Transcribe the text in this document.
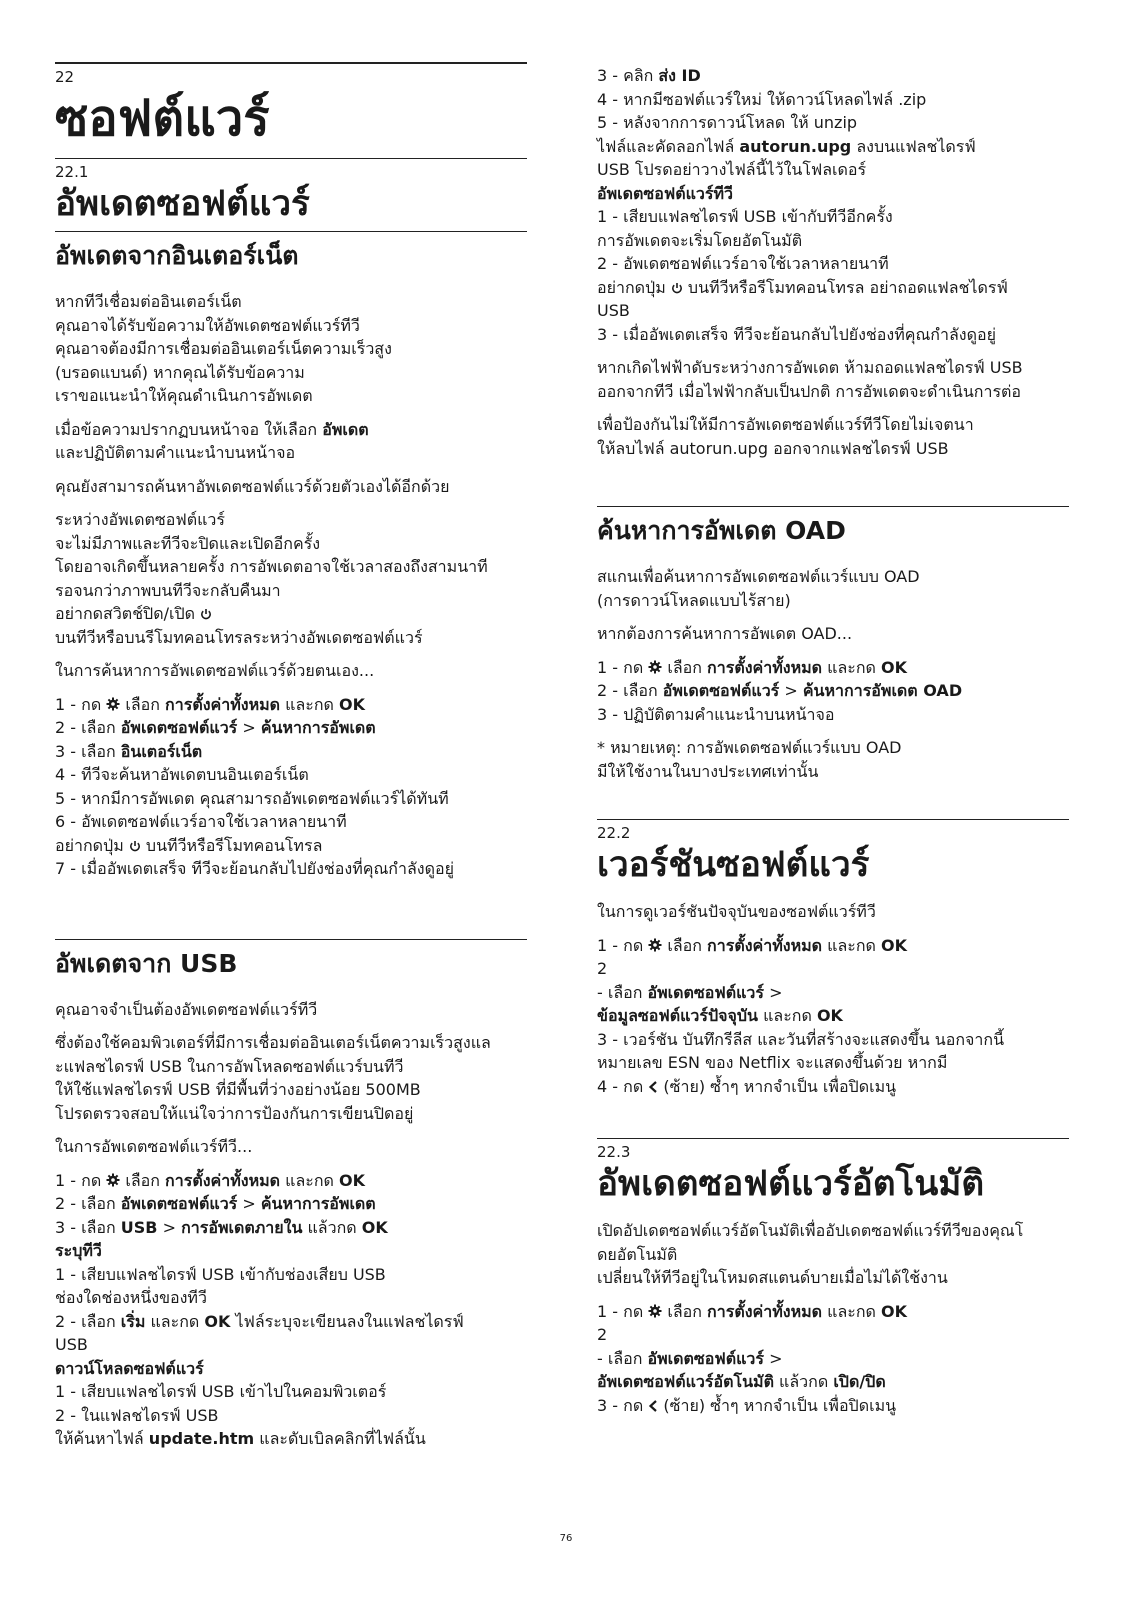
22
ซอฟต์แวร์
22.1
อัพเดตซอฟต์แวร์
อัพเดตจากอินเตอร์เน็ต
หากทีวีเชื่อมต่ออินเตอร์เน็ต
คุณอาจได้รับข้อความให้อัพเดตซอฟต์แวร์ทีวี
คุณอาจต้องมีการเชื่อมต่ออินเตอร์เน็ตความเร็วสูง
(บรอดแบนด์) หากคุณได้รับข้อความ
เราขอแนะนำให้คุณดำเนินการอัพเดต
เมื่อข้อความปรากฏบนหน้าจอ ให้เลือก อัพเดต
และปฏิบัติตามคำแนะนำบนหน้าจอ
คุณยังสามารถค้นหาอัพเดตซอฟต์แวร์ด้วยตัวเองได้อีกด้วย
ระหว่างอัพเดตซอฟต์แวร์
จะไม่มีภาพและทีวีจะปิดและเปิดอีกครั้ง
โดยอาจเกิดขึ้นหลายครั้ง การอัพเดตอาจใช้เวลาสองถึงสามนาที
รอจนกว่าภาพบนทีวีจะกลับคืนมา
อย่ากดสวิตช์ปิด/เปิด
บนทีวีหรือบนรีโมทคอนโทรลระหว่างอัพเดตซอฟต์แวร์
ในการค้นหาการอัพเดตซอฟต์แวร์ด้วยตนเอง...
1 - กด  เลือก การตั้งค่าทั้งหมด และกด OK
2 - เลือก อัพเดตซอฟต์แวร์ > ค้นหาการอัพเดต
3 - เลือก อินเตอร์เน็ต
4 - ทีวีจะค้นหาอัพเดตบนอินเตอร์เน็ต
5 - หากมีการอัพเดต คุณสามารถอัพเดตซอฟต์แวร์ได้ทันที
6 - อัพเดตซอฟต์แวร์อาจใช้เวลาหลายนาที
อย่ากดปุ่ม  บนทีวีหรือรีโมทคอนโทรล
7 - เมื่ออัพเดตเสร็จ ทีวีจะย้อนกลับไปยังช่องที่คุณกำลังดูอยู่
อัพเดตจาก USB
คุณอาจจำเป็นต้องอัพเดตซอฟต์แวร์ทีวี
ซึ่งต้องใช้คอมพิวเตอร์ที่มีการเชื่อมต่ออินเตอร์เน็ตความเร็วสูงแล
ะแฟลชไดรฟ์ USB ในการอัพโหลดซอฟต์แวร์บนทีวี
ให้ใช้แฟลชไดรฟ์ USB ที่มีพื้นที่ว่างอย่างน้อย 500MB
โปรดตรวจสอบให้แน่ใจว่าการป้องกันการเขียนปิดอยู่
ในการอัพเดตซอฟต์แวร์ทีวี...
1 - กด  เลือก การตั้งค่าทั้งหมด และกด OK
2 - เลือก อัพเดตซอฟต์แวร์ > ค้นหาการอัพเดต
3 - เลือก USB > การอัพเดตภายใน แล้วกด OK
ระบุทีวี
1 - เสียบแฟลชไดรฟ์ USB เข้ากับช่องเสียบ USB
ช่องใดช่องหนึ่งของทีวี
2 - เลือก เริ่ม และกด OK ไฟล์ระบุจะเขียนลงในแฟลชไดรฟ์
USB
ดาวน์โหลดซอฟต์แวร์
1 - เสียบแฟลชไดรฟ์ USB เข้าไปในคอมพิวเตอร์
2 - ในแฟลชไดรฟ์ USB
ให้ค้นหาไฟล์ update.htm และดับเบิลคลิกที่ไฟล์นั้น
3 - คลิก ส่ง ID
4 - หากมีซอฟต์แวร์ใหม่ ให้ดาวน์โหลดไฟล์ .zip
5 - หลังจากการดาวน์โหลด ให้ unzip
ไฟล์และคัดลอกไฟล์ autorun.upg ลงบนแฟลชไดรฟ์
USB โปรดอย่าวางไฟล์นี้ไว้ในโฟลเดอร์
อัพเดตซอฟต์แวร์ทีวี
1 - เสียบแฟลชไดรฟ์ USB เข้ากับทีวีอีกครั้ง
การอัพเดตจะเริ่มโดยอัตโนมัติ
2 - อัพเดตซอฟต์แวร์อาจใช้เวลาหลายนาที
อย่ากดปุ่ม  บนทีวีหรือรีโมทคอนโทรล อย่าถอดแฟลชไดรฟ์
USB
3 - เมื่ออัพเดตเสร็จ ทีวีจะย้อนกลับไปยังช่องที่คุณกำลังดูอยู่
หากเกิดไฟฟ้าดับระหว่างการอัพเดต ห้ามถอดแฟลชไดรฟ์ USB
ออกจากทีวี เมื่อไฟฟ้ากลับเป็นปกติ การอัพเดตจะดำเนินการต่อ
เพื่อป้องกันไม่ให้มีการอัพเดตซอฟต์แวร์ทีวีโดยไม่เจตนา
ให้ลบไฟล์ autorun.upg ออกจากแฟลชไดรฟ์ USB
ค้นหาการอัพเดต OAD
สแกนเพื่อค้นหาการอัพเดตซอฟต์แวร์แบบ OAD
(การดาวน์โหลดแบบไร้สาย)
หากต้องการค้นหาการอัพเดต OAD...
1 - กด  เลือก การตั้งค่าทั้งหมด และกด OK
2 - เลือก อัพเดตซอฟต์แวร์ > ค้นหาการอัพเดต OAD
3 - ปฏิบัติตามคำแนะนำบนหน้าจอ
* หมายเหตุ: การอัพเดตซอฟต์แวร์แบบ OAD
มีให้ใช้งานในบางประเทศเท่านั้น
22.2
เวอร์ชันซอฟต์แวร์
ในการดูเวอร์ชันปัจจุบันของซอฟต์แวร์ทีวี
1 - กด  เลือก การตั้งค่าทั้งหมด และกด OK
2
- เลือก อัพเดตซอฟต์แวร์ >
ข้อมูลซอฟต์แวร์ปัจจุบัน และกด OK
3 - เวอร์ชัน บันทึกรีลีส และวันที่สร้างจะแสดงขึ้น นอกจากนี้
หมายเลข ESN ของ Netflix จะแสดงขึ้นด้วย หากมี
4 - กด  (ซ้าย) ซ้ำๆ หากจำเป็น เพื่อปิดเมนู
22.3
อัพเดตซอฟต์แวร์อัตโนมัติ
เปิดอัปเดตซอฟต์แวร์อัตโนมัติเพื่ออัปเดตซอฟต์แวร์ทีวีของคุณโ
ดยอัตโนมัติ
เปลี่ยนให้ทีวีอยู่ในโหมดสแตนด์บายเมื่อไม่ได้ใช้งาน
1 - กด  เลือก การตั้งค่าทั้งหมด และกด OK
2
- เลือก อัพเดตซอฟต์แวร์ >
อัพเดตซอฟต์แวร์อัตโนมัติ แล้วกด เปิด/ปิด
3 - กด  (ซ้าย) ซ้ำๆ หากจำเป็น เพื่อปิดเมนู
76
